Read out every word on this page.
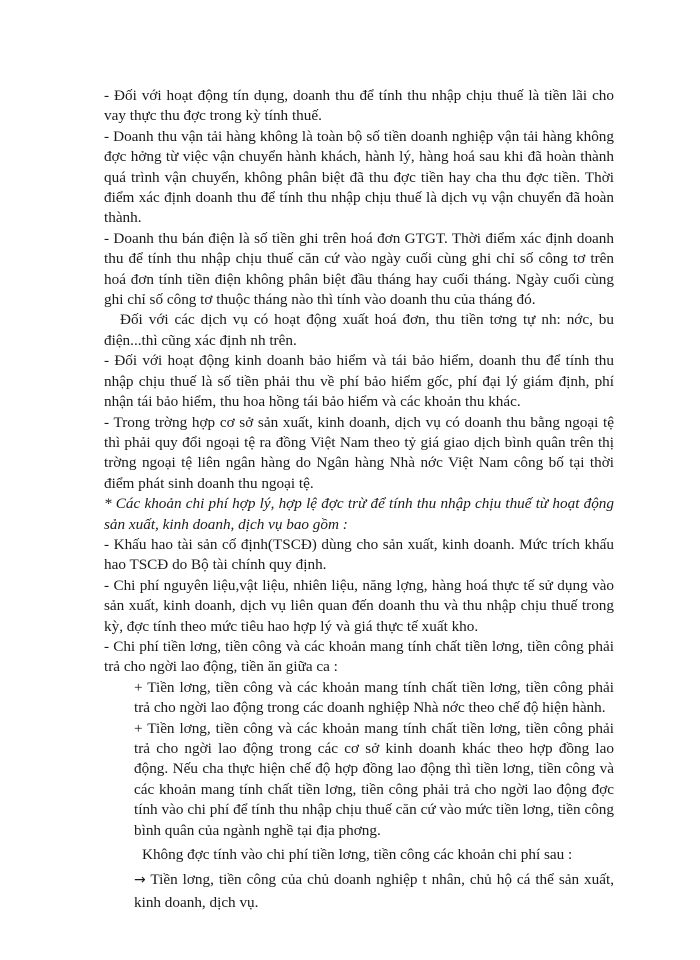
- Đối với hoạt động tín dụng, doanh thu để tính thu nhập chịu thuế là tiền lãi cho vay thực thu đợc trong kỳ tính thuế.

- Doanh thu vận tải hàng không là toàn bộ số tiền doanh nghiệp vận tải hàng không đợc hởng từ việc vận chuyển hành khách, hành lý, hàng hoá sau khi đã hoàn thành quá trình vận chuyển, không phân biệt đã thu đợc tiền hay cha thu đợc tiền. Thời điểm xác định doanh thu để tính thu nhập chịu thuế là dịch vụ vận chuyển đã hoàn thành.

- Doanh thu bán điện là số tiền ghi trên hoá đơn GTGT. Thời điểm xác định doanh thu để tính thu nhập chịu thuế căn cứ vào ngày cuối cùng ghi chỉ số công tơ trên hoá đơn tính tiền điện không phân biệt đầu tháng hay cuối tháng. Ngày cuối cùng ghi chỉ số công tơ thuộc tháng nào thì tính vào doanh thu của tháng đó.

Đối với các dịch vụ có hoạt động xuất hoá đơn, thu tiền tơng tự nh: nớc, bu điện...thì cũng xác định nh trên.

- Đối với hoạt động kinh doanh bảo hiểm và tái bảo hiểm, doanh thu để tính thu nhập chịu thuế là số tiền phải thu về phí bảo hiểm gốc, phí đại lý giám định, phí nhận tái bảo hiểm, thu hoa hồng tái bảo hiểm và các khoản thu khác.

- Trong trờng hợp cơ sở sản xuất, kinh doanh, dịch vụ có doanh thu bằng ngoại tệ thì phải quy đổi ngoại tệ ra đồng Việt Nam theo tỷ giá giao dịch bình quân trên thị trờng ngoại tệ liên ngân hàng do Ngân hàng Nhà nớc Việt Nam công bố tại thời điểm phát sinh doanh thu ngoại tệ.

* Các khoản chi phí hợp lý, hợp lệ đợc trừ để tính thu nhập chịu thuế từ hoạt động sản xuất, kinh doanh, dịch vụ bao gồm :

- Khấu hao tài sản cố định(TSCĐ) dùng cho sản xuất, kinh doanh. Mức trích khấu hao TSCĐ do Bộ tài chính quy định.

- Chi phí nguyên liệu,vật liệu, nhiên liệu, năng lợng, hàng hoá thực tế sử dụng vào sản xuất, kinh doanh, dịch vụ liên quan đến doanh thu và thu nhập chịu thuế trong kỳ, đợc tính theo mức tiêu hao hợp lý và giá thực tế xuất kho.

- Chi phí tiền lơng, tiền công và các khoản mang tính chất tiền lơng, tiền công phải trả cho ngời lao động, tiền ăn giữa ca :

+ Tiền lơng, tiền công và các khoản mang tính chất tiền lơng, tiền công phải trả cho ngời lao động trong các doanh nghiệp Nhà nớc theo chế độ hiện hành.

+ Tiền lơng, tiền công và các khoản mang tính chất tiền lơng, tiền công phải trả cho ngời lao động trong các cơ sở kinh doanh khác theo hợp đồng lao động. Nếu cha thực hiện chế độ hợp đồng lao động thì tiền lơng, tiền công và các khoản mang tính chất tiền lơng, tiền công phải trả cho ngời lao động đợc tính vào chi phí để tính thu nhập chịu thuế căn cứ vào mức tiền lơng, tiền công bình quân của ngành nghề tại địa phơng.

Không đợc tính vào chi phí tiền lơng, tiền công các khoản chi phí sau :

→ Tiền lơng, tiền công của chủ doanh nghiệp t nhân, chủ hộ cá thể sản xuất, kinh doanh, dịch vụ.
